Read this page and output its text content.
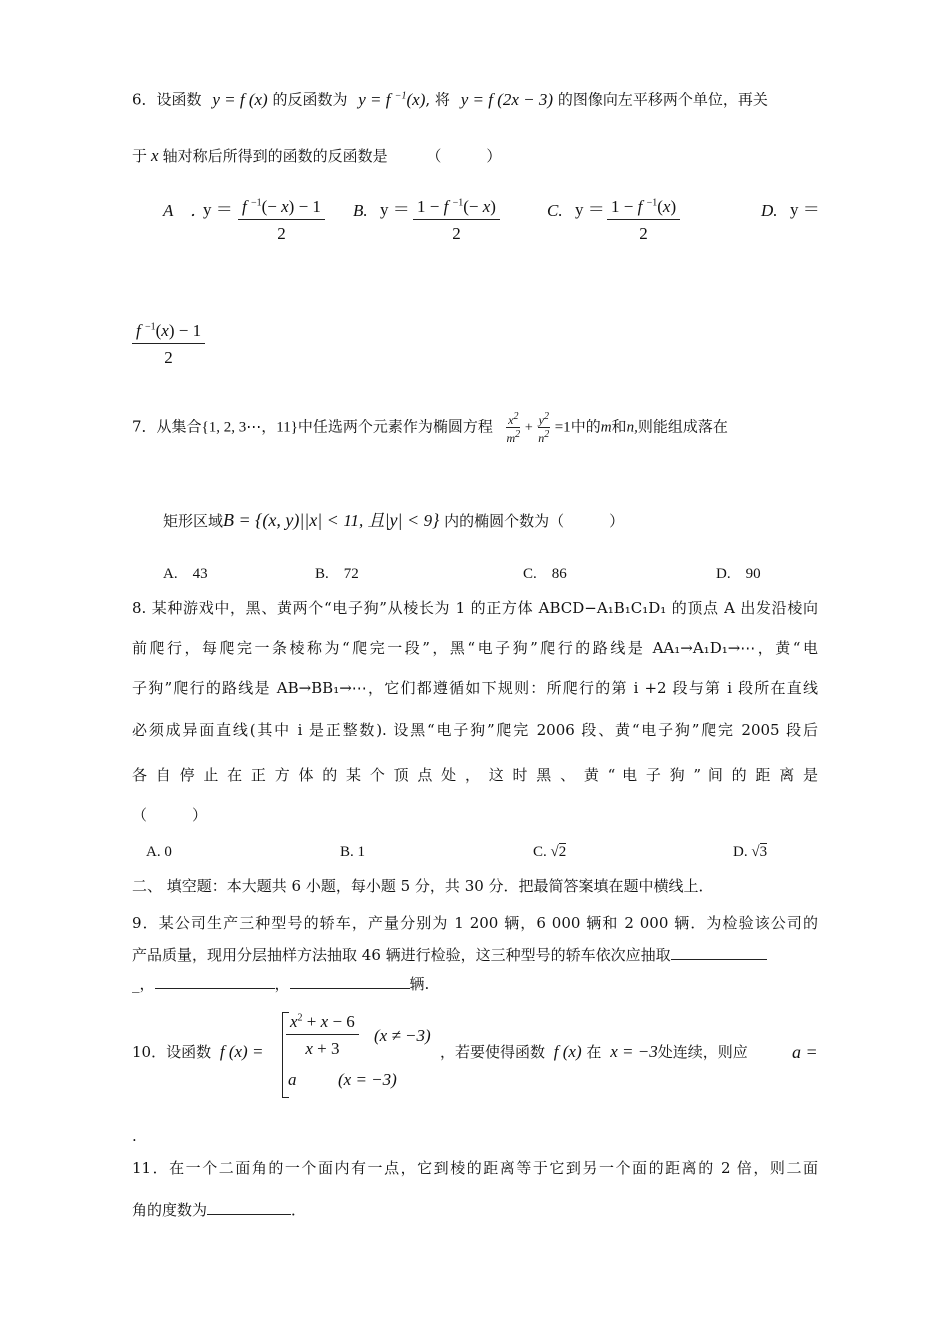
6．设函数 y = f (x) 的反函数为 y = f $^{-1}$(x), 将 y = f (2x − 3) 的图像向左平移两个单位，再关
于 x 轴对称后所得到的函数的反函数是	（　　　）
A　．
$y = \frac{f ^{-1}(- x) - 1}{2} B$. $y = \frac{1 - f ^{-1}(- x)}{2}$	C. $y = \frac{1 - f ^{-1}(x)}{2}$	D. y ＝
$\frac{f ^{-1}(x) - 1}{2}$
7．从集合{1, 2, 3⋯，11}中任选两个元素作为椭圆方程 $\frac{x^2}{m^2} + \frac{y^2}{n^2} =1$中的m和n,则能组成落在
矩形区域B = {(x, y)||x| < 11, 且|y| < 9} 内的椭圆个数为（　　　）
A.　43	B.　72	C.　86	D.　90
8. 某种游戏中，黑、黄两个“电子狗”从棱长为 1 的正方体 ABCD−A₁B₁C₁D₁ 的顶点 A 出发沿棱向
前爬行，每爬完一条棱称为“爬完一段”，黑“电子狗”爬行的路线是 AA₁→A₁D₁→⋯，黄“电
子狗”爬行的路线是 AB→BB₁→⋯，它们都遵循如下规则：所爬行的第 i +2 段与第 i 段所在直线
必须成异面直线(其中 i 是正整数). 设黑“电子狗”爬完 2006 段、黄“电子狗”爬完 2005 段后
各 自 停 止 在 正 方 体 的 某 个 顶 点 处 ， 这 时 黑 、 黄 “ 电 子 狗 ” 间 的 距 离 是
（　　　）
A. 0	B. 1	C. √2	D. √3
二、 填空题：本大题共 6 小题，每小题 5 分，共 30 分．把最简答案填在题中横线上．
9．某公司生产三种型号的轿车，产量分别为 1 200 辆，6 000 辆和 2 000 辆．为检验该公司的
产品质量，现用分层抽样方法抽取 46 辆进行检验，这三种型号的轿车依次应抽取
_，	，	辆.
10．设函数 f $(x) = \frac{x^2 + x - 6}{x + 3} (x \ne -3)$
a (x = −3)
，若要使得函数 f (x) 在 x = −3处连续，则应 a =
.
11．在一个二面角的一个面内有一点，它到棱的距离等于它到另一个面的距离的 2 倍，则二面
角的度数为	．
